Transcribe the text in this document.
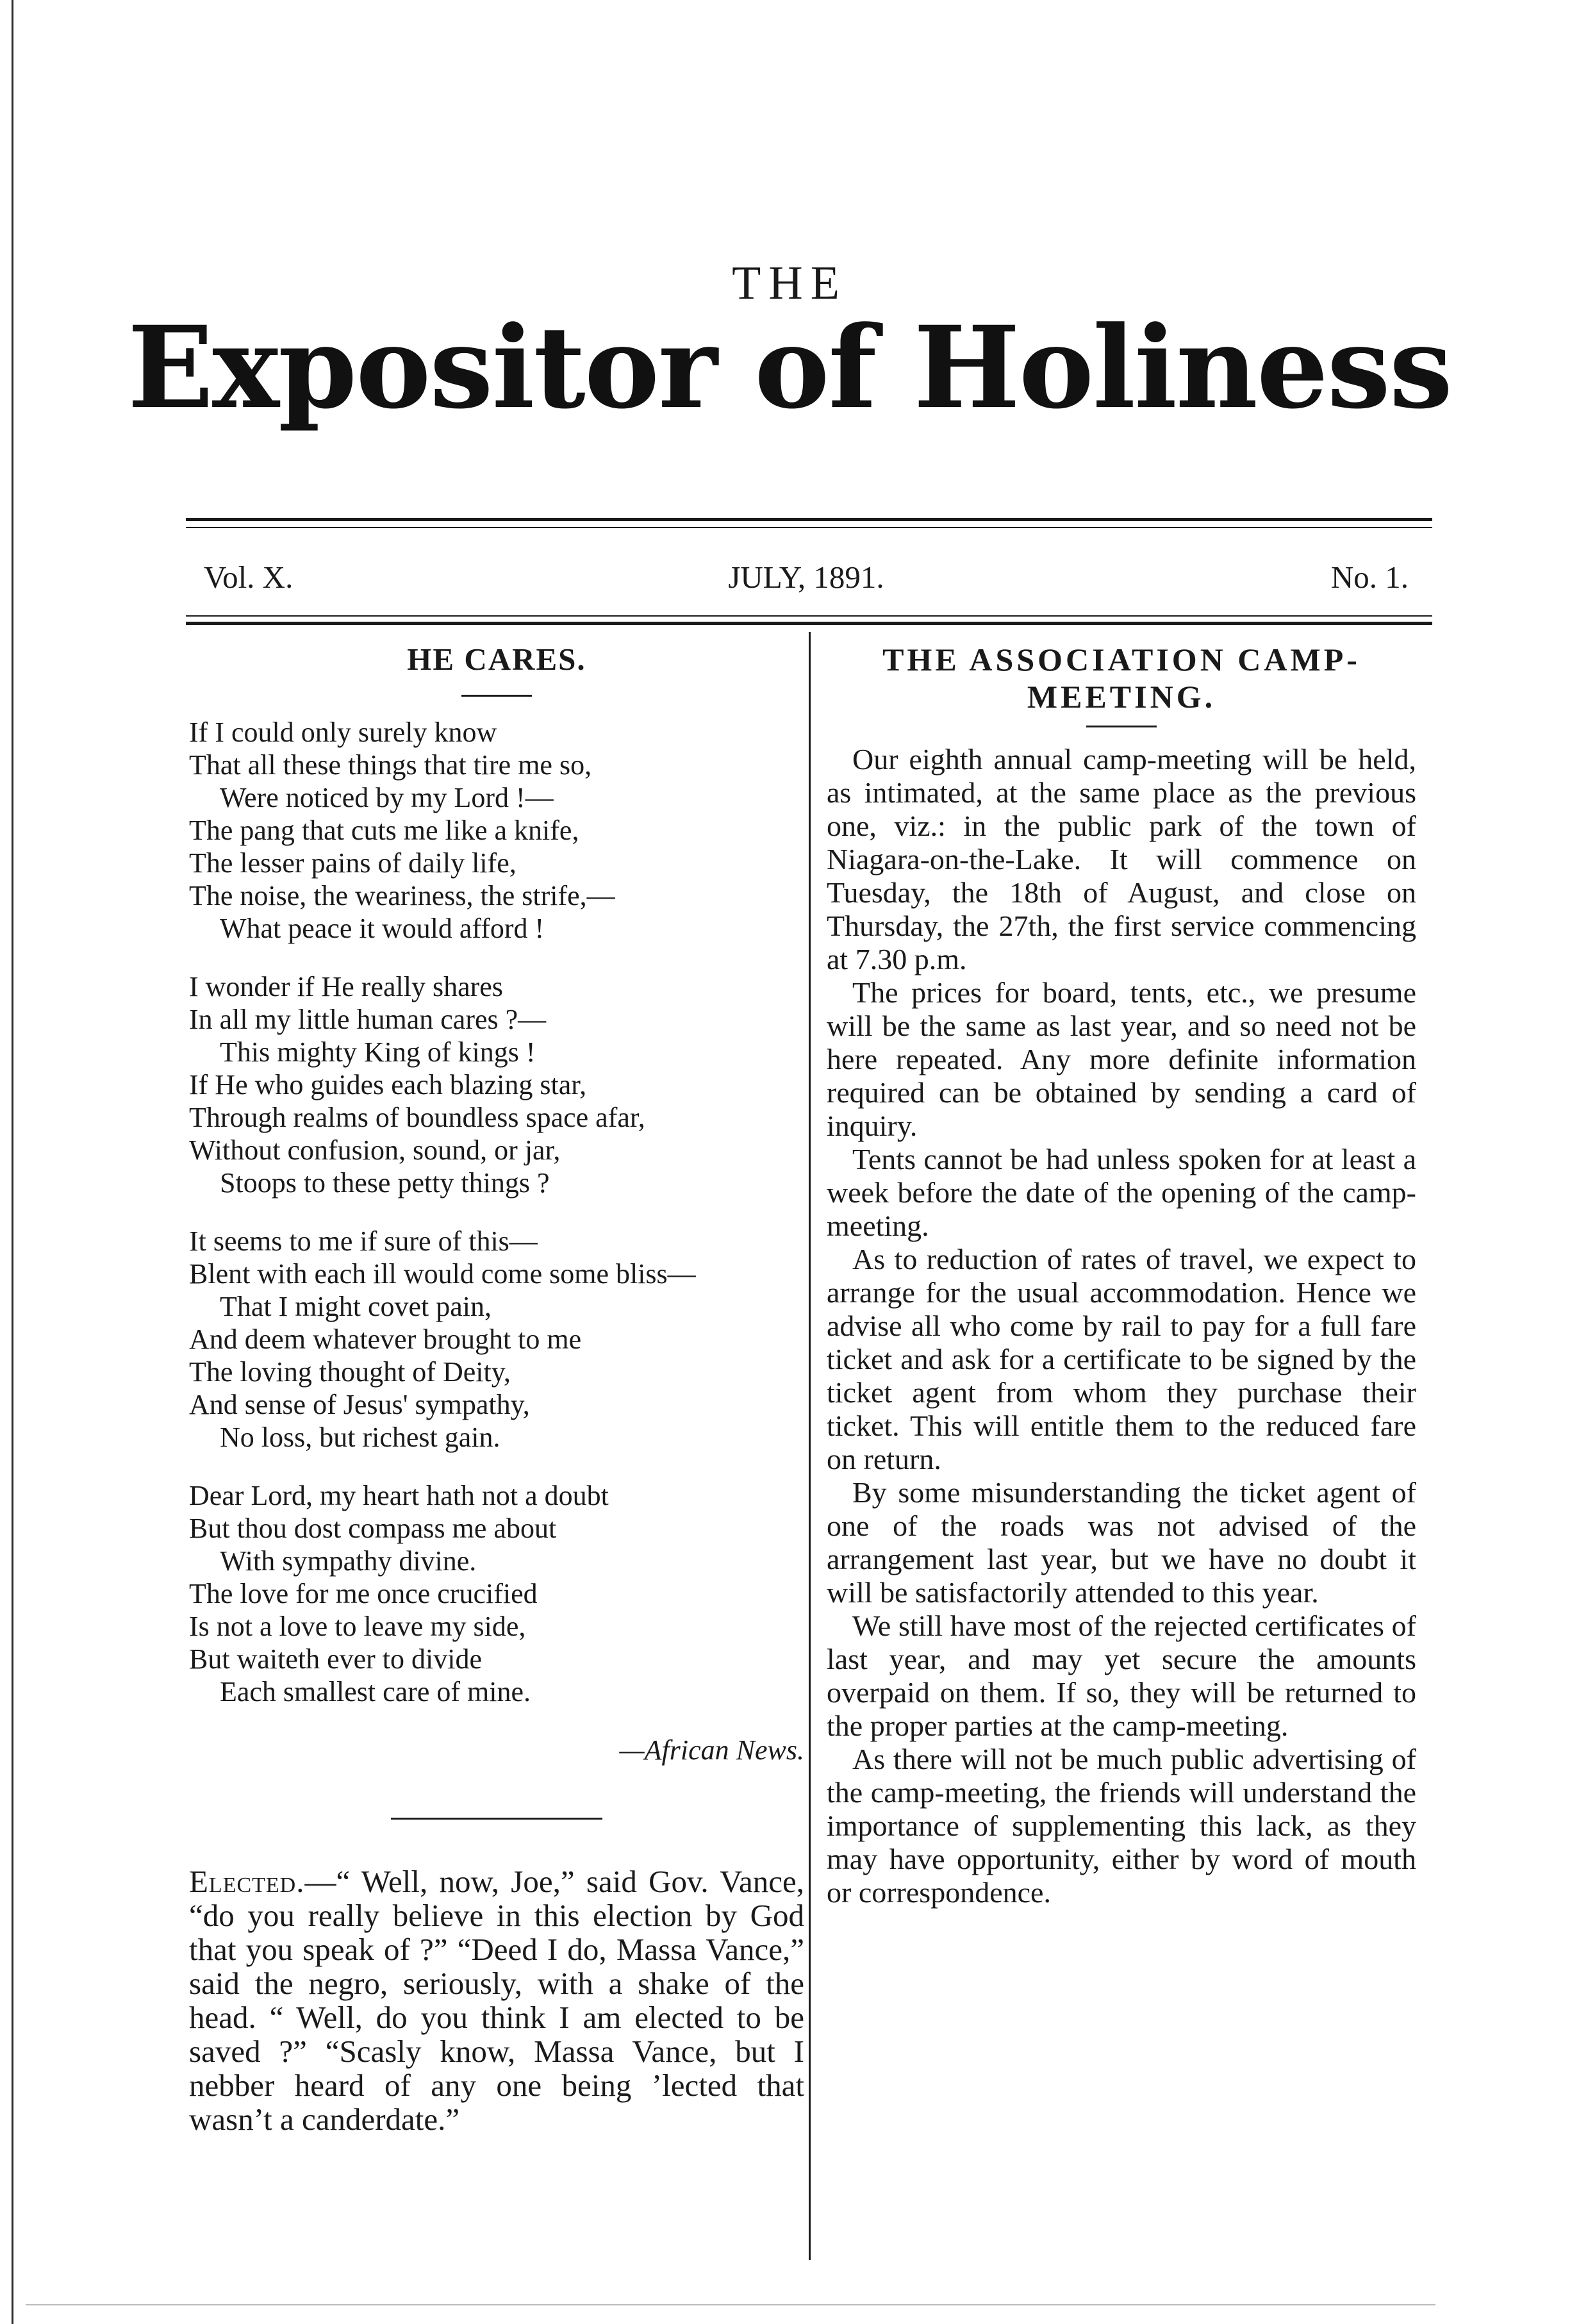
THE
Expositor of Holiness
Vol. X.	JULY, 1891.	No. 1.
HE CARES.
If I could only surely know
That all these things that tire me so,
Were noticed by my Lord !—
The pang that cuts me like a knife,
The lesser pains of daily life,
The noise, the weariness, the strife,—
What peace it would afford !
I wonder if He really shares
In all my little human cares ?—
This mighty King of kings !
If He who guides each blazing star,
Through realms of boundless space afar,
Without confusion, sound, or jar,
Stoops to these petty things ?
It seems to me if sure of this—
Blent with each ill would come some bliss—
That I might covet pain,
And deem whatever brought to me
The loving thought of Deity,
And sense of Jesus' sympathy,
No loss, but richest gain.
Dear Lord, my heart hath not a doubt
But thou dost compass me about
With sympathy divine.
The love for me once crucified
Is not a love to leave my side,
But waiteth ever to divide
Each smallest care of mine.
—African News.

Elected.—“ Well, now, Joe,” said Gov. Vance, “do you really believe in this election by God that you speak of ?” “Deed I do, Massa Vance,” said the negro, seriously, with a shake of the head. “ Well, do you think I am elected to be saved ?” “Scasly know, Massa Vance, but I nebber heard of any one being ’lected that wasn’t a canderdate.”

THE ASSOCIATION CAMP-MEETING.

Our eighth annual camp-meeting will be held, as intimated, at the same place as the previous one, viz.: in the public park of the town of Niagara-on-the-Lake. It will commence on Tuesday, the 18th of August, and close on Thursday, the 27th, the first service commencing at 7.30 p.m.

The prices for board, tents, etc., we presume will be the same as last year, and so need not be here repeated. Any more definite information required can be obtained by sending a card of inquiry.

Tents cannot be had unless spoken for at least a week before the date of the opening of the camp-meeting.

As to reduction of rates of travel, we expect to arrange for the usual accommodation. Hence we advise all who come by rail to pay for a full fare ticket and ask for a certificate to be signed by the ticket agent from whom they purchase their ticket. This will entitle them to the reduced fare on return.

By some misunderstanding the ticket agent of one of the roads was not advised of the arrangement last year, but we have no doubt it will be satisfactorily attended to this year.

We still have most of the rejected certificates of last year, and may yet secure the amounts overpaid on them. If so, they will be returned to the proper parties at the camp-meeting.

As there will not be much public advertising of the camp-meeting, the friends will understand the importance of supplementing this lack, as they may have opportunity, either by word of mouth or correspondence.
